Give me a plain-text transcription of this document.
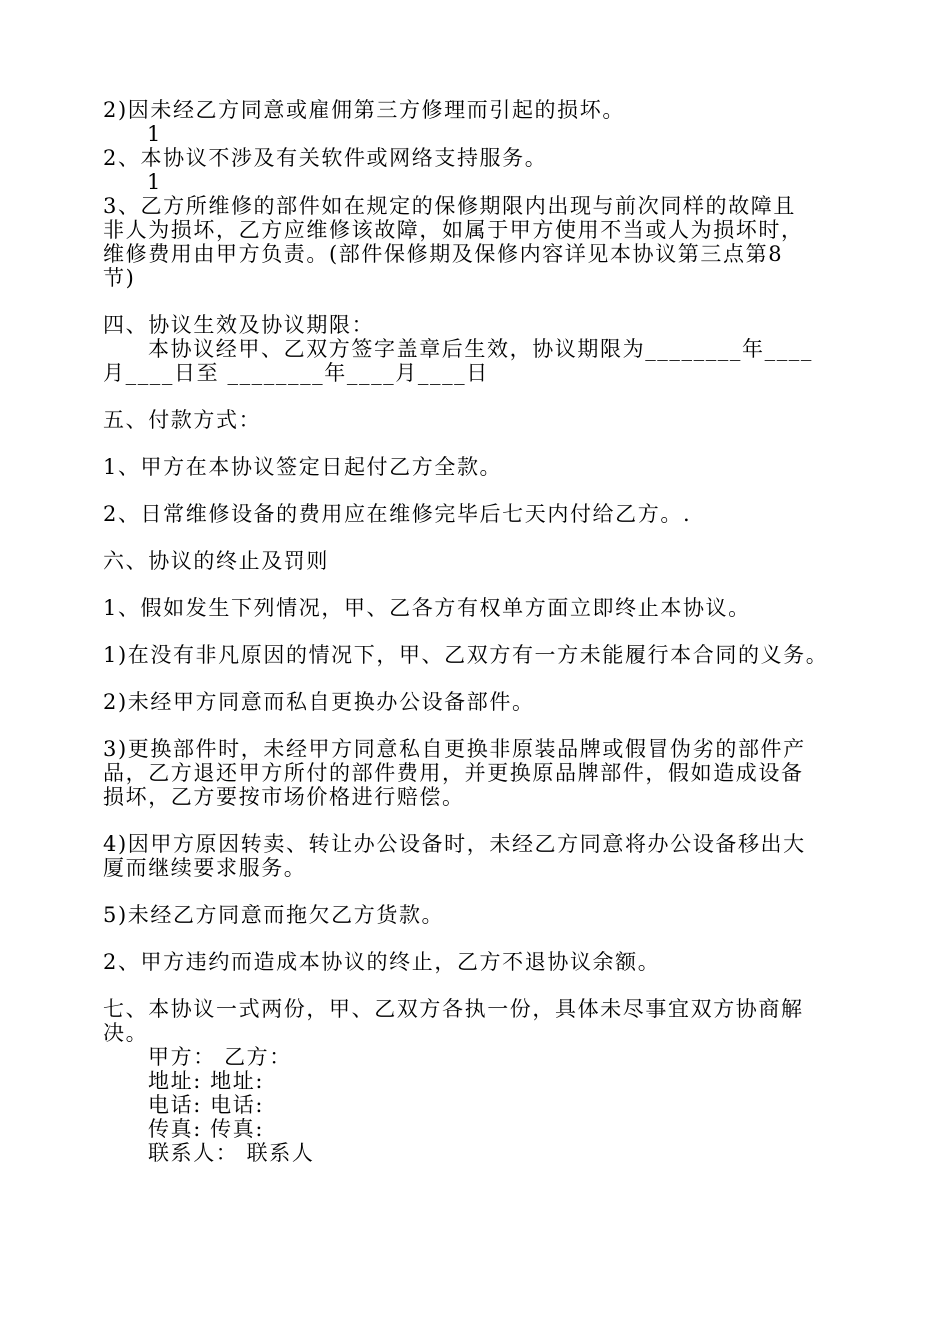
2)因未经乙方同意或雇佣第三方修理而引起的损坏。
1
2、本协议不涉及有关软件或网络支持服务。
1
3、乙方所维修的部件如在规定的保修期限内出现与前次同样的故障且
非人为损坏，乙方应维修该故障，如属于甲方使用不当或人为损坏时，
维修费用由甲方负责。(部件保修期及保修内容详见本协议第三点第8
节)
四、协议生效及协议期限：
本协议经甲、乙双方签字盖章后生效，协议期限为________年____
月____日至 ________年____月____日
五、付款方式：
1、甲方在本协议签定日起付乙方全款。
2、日常维修设备的费用应在维修完毕后七天内付给乙方。.
六、协议的终止及罚则
1、假如发生下列情况，甲、乙各方有权单方面立即终止本协议。
1)在没有非凡原因的情况下，甲、乙双方有一方未能履行本合同的义务。
2)未经甲方同意而私自更换办公设备部件。
3)更换部件时，未经甲方同意私自更换非原装品牌或假冒伪劣的部件产
品，乙方退还甲方所付的部件费用，并更换原品牌部件，假如造成设备
损坏，乙方要按市场价格进行赔偿。
4)因甲方原因转卖、转让办公设备时，未经乙方同意将办公设备移出大
厦而继续要求服务。
5)未经乙方同意而拖欠乙方货款。
2、甲方违约而造成本协议的终止，乙方不退协议余额。
七、本协议一式两份，甲、乙双方各执一份，具体未尽事宜双方协商解
决。
甲方： 乙方：
地址: 地址:
电话: 电话:
传真: 传真:
联系人： 联系人
